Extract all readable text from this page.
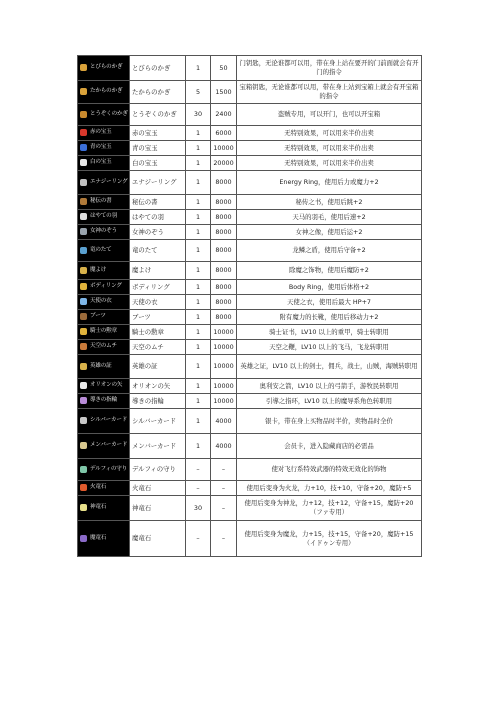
とびらのかぎ	とびらのかぎ	1	50	门钥匙，无论谁都可以用，带在身上站在要开的门前面就会有开门的指令

たからのかぎ	たからのかぎ	5	1500	宝箱钥匙，无论谁都可以用，带在身上站到宝箱上就会有开宝箱的指令

とうぞくのかぎ	とうぞくのかぎ	30	2400	盗贼专用，可以开门，也可以开宝箱

赤の宝玉	赤の宝玉	1	6000	无特别效果，可以用来半价出卖

青の宝玉	青の宝玉	1	10000	无特别效果，可以用来半价出卖

白の宝玉	白の宝玉	1	20000	无特别效果，可以用来半价出卖

エナジーリング	エナジーリング	1	8000	Energy Ring，使用后力或魔力+2

秘伝の書	秘伝の書	1	8000	秘传之书，使用后跳+2

はやての羽	はやての羽	1	8000	天马的羽毛，使用后速+2

女神のぞう	女神のぞう	1	8000	女神之像，使用后运+2

竜のたて	竜のたて	1	8000	龙鳞之盾，使用后守备+2

魔よけ	魔よけ	1	8000	除魔之饰物，使用后魔防+2

ボディリング	ボディリング	1	8000	Body Ring，使用后体格+2

天使の衣	天使の衣	1	8000	天使之衣，使用后最大 HP+7

ブーツ	ブーツ	1	8000	附有魔力的长靴，使用后移动力+2

騎士の勲章	騎士の勲章	1	10000	骑士证书，LV10 以上的重甲，骑士转职用

天空のムチ	天空のムチ	1	10000	天空之鞭，LV10 以上的飞马，飞龙转职用

英雄の証	英雄の証	1	10000	英雄之证，LV10 以上的剑士，佣兵，战士，山贼，海贼转职用

オリオンの矢	オリオンの矢	1	10000	奥利安之箭，LV10 以上的弓箭手，游牧民转职用

導きの指輪	導きの指輪	1	10000	引導之指环，LV10 以上的魔导系角色转职用

シルバーカード	シルバーカード	1	4000	银卡，带在身上买物品时半价，卖物品时全价

メンバーカード	メンバーカード	1	4000	会员卡，进入隐藏商店的必需品

デルフィの守り	デルフィの守り	–	–	使对飞行系特效武器的特效无效化的饰物

火竜石	火竜石	–	–	使用后变身为火龙，力+10，技+10，守备+20，魔防+5

神竜石	神竜石	30	–	使用后变身为神龙，力+12，技+12，守备+15，魔防+20（ファ专用）

魔竜石	魔竜石	–	–	使用后变身为魔龙，力+15，技+15，守备+20，魔防+15（イドゥン专用）
